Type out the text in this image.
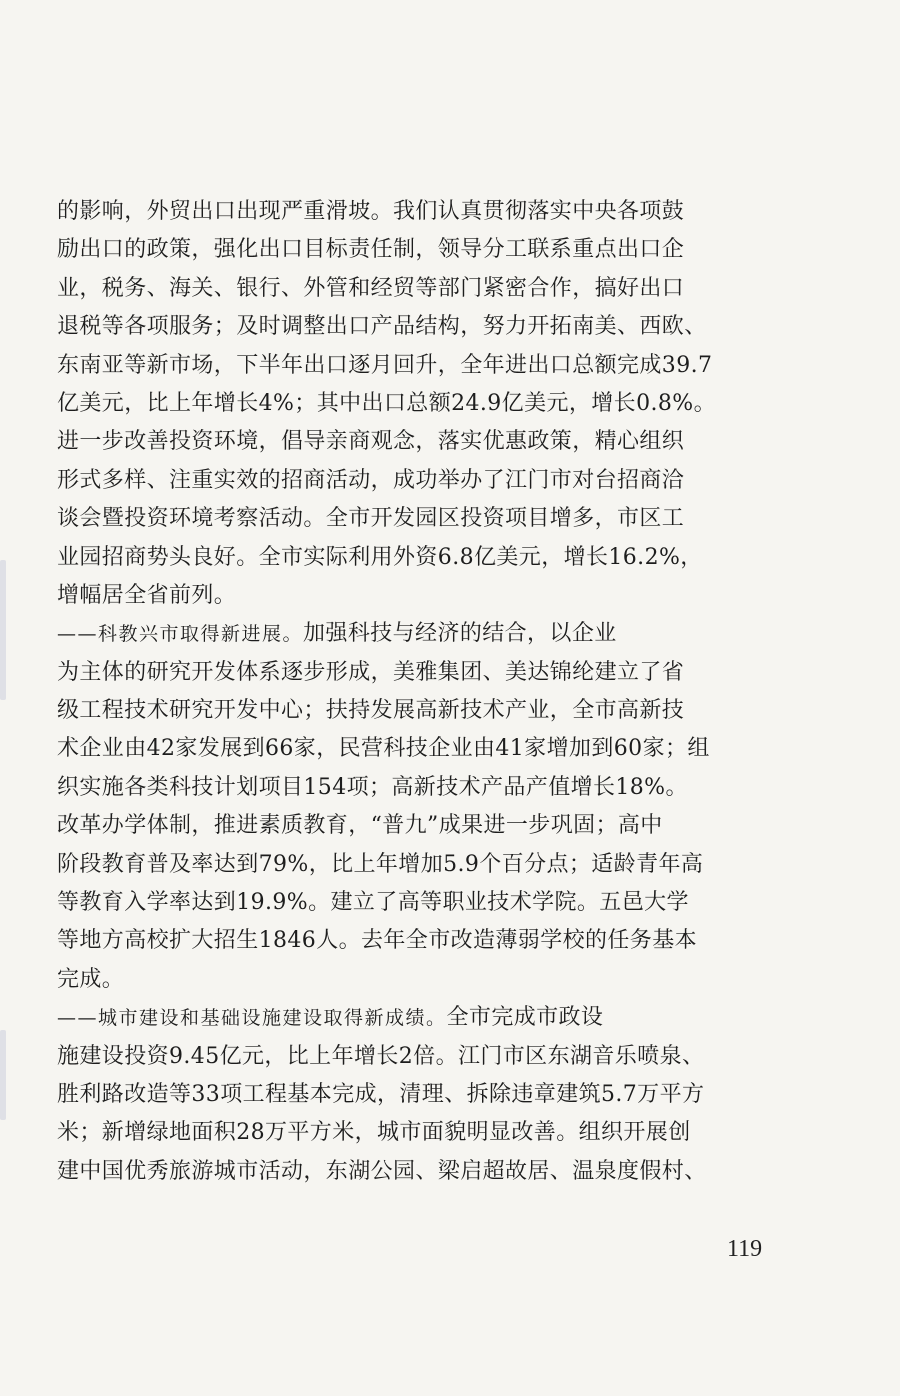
的影响，外贸出口出现严重滑坡。我们认真贯彻落实中央各项鼓
励出口的政策，强化出口目标责任制，领导分工联系重点出口企
业，税务、海关、银行、外管和经贸等部门紧密合作，搞好出口
退税等各项服务；及时调整出口产品结构，努力开拓南美、西欧、
东南亚等新市场，下半年出口逐月回升，全年进出口总额完成39.7
亿美元，比上年增长4%；其中出口总额24.9亿美元，增长0.8%。
进一步改善投资环境，倡导亲商观念，落实优惠政策，精心组织
形式多样、注重实效的招商活动，成功举办了江门市对台招商洽
谈会暨投资环境考察活动。全市开发园区投资项目增多，市区工
业园招商势头良好。全市实际利用外资6.8亿美元，增长16.2%，
增幅居全省前列。
——科教兴市取得新进展。加强科技与经济的结合，以企业
为主体的研究开发体系逐步形成，美雅集团、美达锦纶建立了省
级工程技术研究开发中心；扶持发展高新技术产业，全市高新技
术企业由42家发展到66家，民营科技企业由41家增加到60家；组
织实施各类科技计划项目154项；高新技术产品产值增长18%。
改革办学体制，推进素质教育，“普九”成果进一步巩固；高中
阶段教育普及率达到79%，比上年增加5.9个百分点；适龄青年高
等教育入学率达到19.9%。建立了高等职业技术学院。五邑大学
等地方高校扩大招生1846人。去年全市改造薄弱学校的任务基本
完成。
——城市建设和基础设施建设取得新成绩。全市完成市政设
施建设投资9.45亿元，比上年增长2倍。江门市区东湖音乐喷泉、
胜利路改造等33项工程基本完成，清理、拆除违章建筑5.7万平方
米；新增绿地面积28万平方米，城市面貌明显改善。组织开展创
建中国优秀旅游城市活动，东湖公园、梁启超故居、温泉度假村、
119
